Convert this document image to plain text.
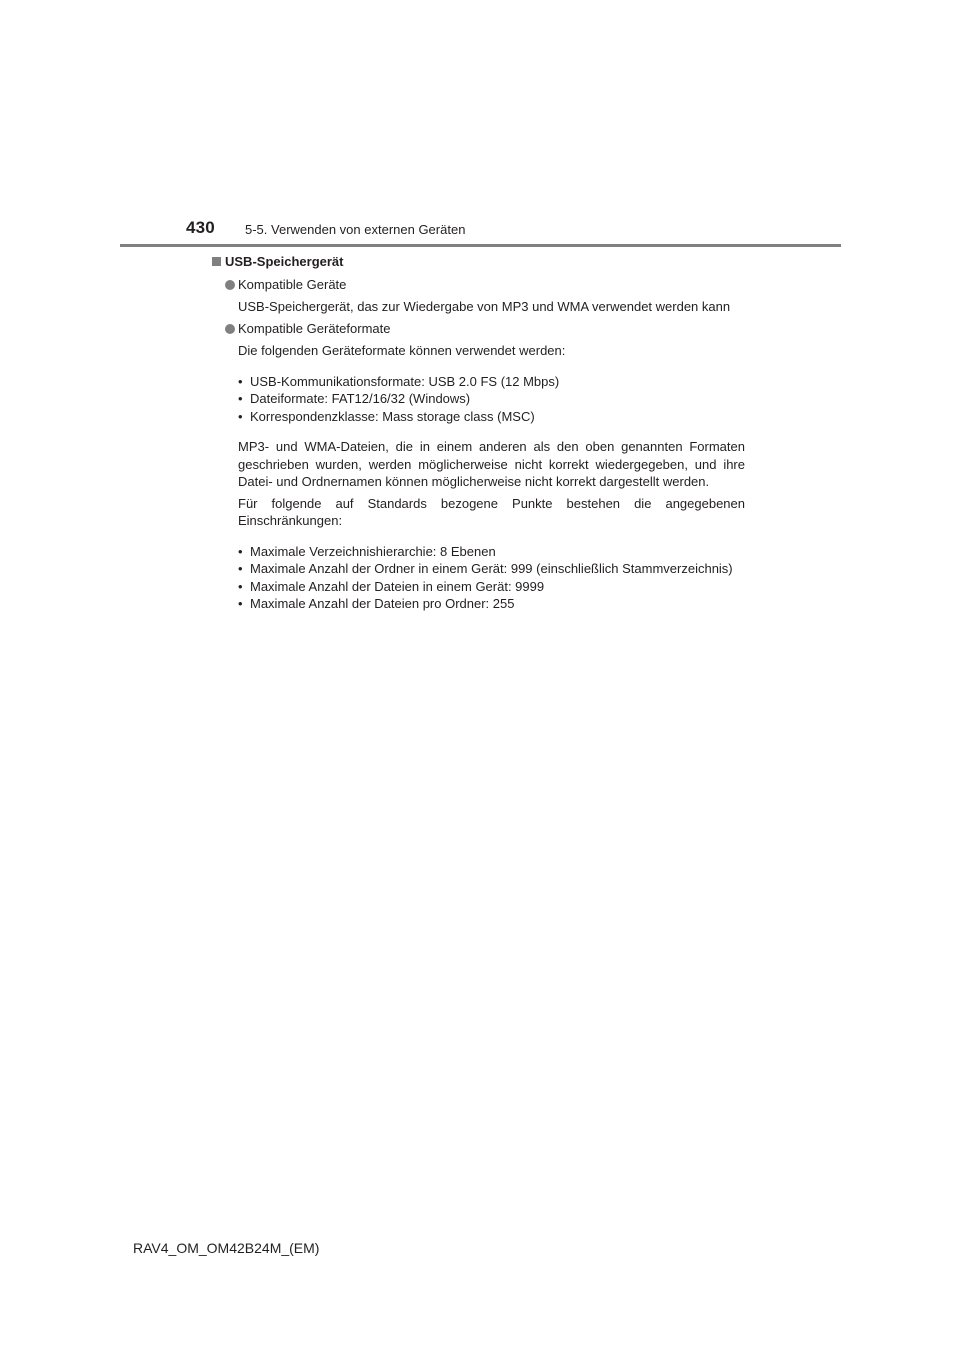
430 5-5. Verwenden von externen Geräten
USB-Speichergerät
Kompatible Geräte
USB-Speichergerät, das zur Wiedergabe von MP3 und WMA verwendet werden kann
Kompatible Geräteformate
Die folgenden Geräteformate können verwendet werden:
• USB-Kommunikationsformate: USB 2.0 FS (12 Mbps)
• Dateiformate: FAT12/16/32 (Windows)
• Korrespondenzklasse: Mass storage class (MSC)
MP3- und WMA-Dateien, die in einem anderen als den oben genannten Formaten geschrieben wurden, werden möglicherweise nicht korrekt wiedergegeben, und ihre Datei- und Ordnernamen können möglicherweise nicht korrekt dargestellt werden.
Für folgende auf Standards bezogene Punkte bestehen die angegebenen Einschränkungen:
• Maximale Verzeichnishierarchie: 8 Ebenen
• Maximale Anzahl der Ordner in einem Gerät: 999 (einschließlich Stammverzeichnis)
• Maximale Anzahl der Dateien in einem Gerät: 9999
• Maximale Anzahl der Dateien pro Ordner: 255
RAV4_OM_OM42B24M_(EM)
